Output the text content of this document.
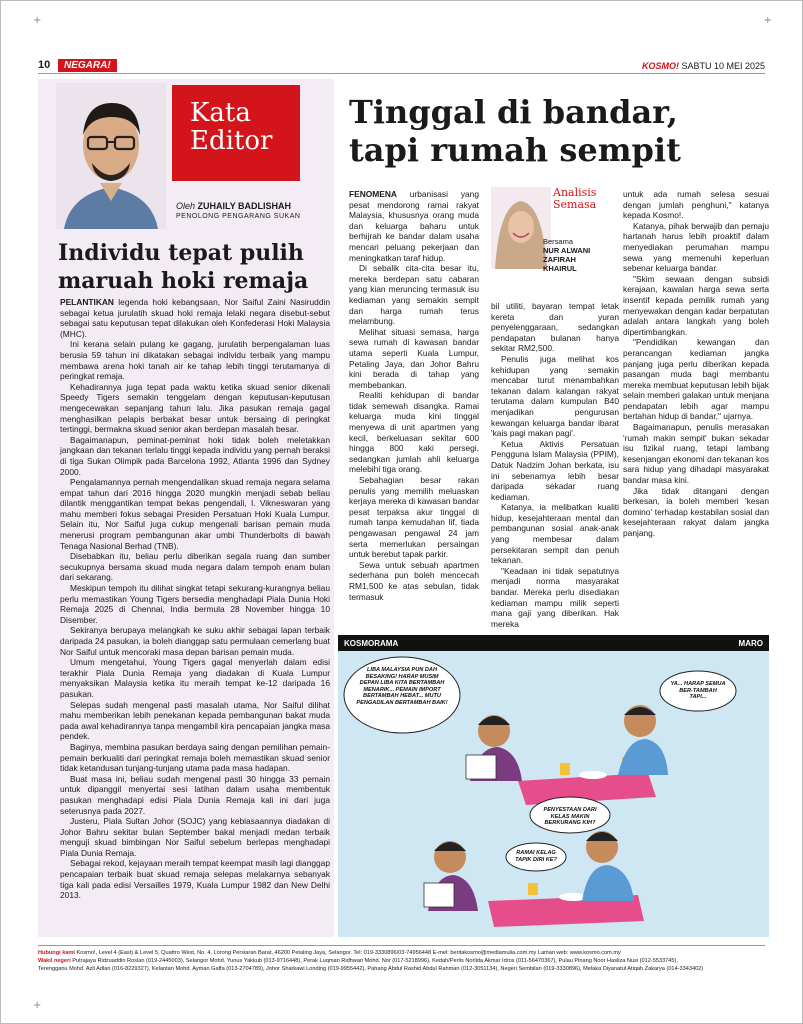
+	+
+
10	NEGARA!	KOSMO! SABTU 10 MEI 2025
Kata
Editor
Oleh ZUHAILY BADLISHAH
PENOLONG PENGARANG SUKAN
Individu tepat pulih maruah hoki remaja

PELANTIKAN legenda hoki kebangsaan, Nor Saiful Zaini Nasiruddin sebagai ketua jurulatih skuad hoki remaja lelaki negara disebut-sebut sebagai satu keputusan tepat dilakukan oleh Konfederasi Hoki Malaysia (MHC).

Ini kerana selain pulang ke gagang, jurulatih berpengalaman luas berusia 59 tahun ini dikatakan sebagai individu terbaik yang mampu membawa arena hoki tanah air ke tahap lebih tinggi terutamanya di peringkat remaja.

Kehadirannya juga tepat pada waktu ketika skuad senior dikenali Speedy Tigers semakin tenggelam dengan keputusan-keputusan mengecewakan sepanjang tahun lalu. Jika pasukan remaja gagal menghasilkan pelapis berbakat besar untuk bersaing di peringkat tertinggi, bermakna skuad senior akan berdepan masalah besar.

Bagaimanapun, peminat-peminat hoki tidak boleh meletakkan jangkaan dan tekanan terlalu tinggi kepada individu yang pernah beraksi di tiga Sukan Olimpik pada Barcelona 1992, Atlanta 1996 dan Sydney 2000.

Pengalamannya pernah mengendalikan skuad remaja negara selama empat tahun dari 2016 hingga 2020 mungkin menjadi sebab beliau dilantik menggantikan tempat bekas pengendali, I. Vikneswaran yang mahu memberi fokus sebagai Presiden Persatuan Hoki Kuala Lumpur. Selain itu, Nor Saiful juga cukup mengenali barisan pemain muda menerusi program pembangunan akar umbi Thunderbolts di bawah Tenaga Nasional Berhad (TNB).

Disebabkan itu, beliau perlu diberikan segala ruang dan sumber secukupnya bersama skuad muda negara dalam tempoh enam bulan dari sekarang.

Meskipun tempoh itu dilihat singkat tetapi sekurang-kurangnya beliau perlu memastikan Young Tigers bersedia menghadapi Piala Dunia Hoki Remaja 2025 di Chennai, India bermula 28 November hingga 10 Disember.

Sekiranya berupaya melangkah ke suku akhir sebagai lapan terbaik daripada 24 pasukan, ia boleh dianggap satu permulaan cemerlang buat Nor Saiful untuk mencoraki masa depan barisan pemain muda.

Umum mengetahui, Young Tigers gagal menyerlah dalam edisi terakhir Piala Dunia Remaja yang diadakan di Kuala Lumpur menyaksikan Malaysia ketika itu meraih tempat ke-12 daripada 16 pasukan.

Selepas sudah mengenal pasti masalah utama, Nor Saiful dilihat mahu memberikan lebih penekanan kepada pembangunan bakat muda pada awal kehadirannya tanpa mengambil kira pencapaian jangka masa pendek.

Baginya, membina pasukan berdaya saing dengan pemilihan pemain-pemain berkualiti dari peringkat remaja boleh memastikan skuad senior tidak ketandusan tunjang-tunjang utama pada masa hadapan.

Buat masa ini, beliau sudah mengenal pasti 30 hingga 33 pemain untuk dipanggil menyertai sesi latihan dalam usaha membentuk pasukan menghadapi edisi Piala Dunia Remaja kali ini dari juga seterusnya pada 2027.

Justeru, Piala Sultan Johor (SOJC) yang kebiasaannya diadakan di Johor Bahru sekitar bulan September bakal menjadi medan terbaik menguji skuad bimbingan Nor Saiful sebelum berlepas menghadapi Piala Dunia Remaja.

Sebagai rekod, kejayaan meraih tempat keempat masih lagi dianggap pencapaian terbaik buat skuad remaja selepas melakarnya sebanyak tiga kali pada edisi Versailles 1979, Kuala Lumpur 1982 dan New Delhi 2013.

Tinggal di bandar,
tapi rumah sempit

FENOMENA urbanisasi yang pesat mendorong ramai rakyat Malaysia, khususnya orang muda dan keluarga baharu untuk berhijrah ke bandar dalam usaha mencari peluang pekerjaan dan meningkatkan taraf hidup.

Di sebalik cita-cita besar itu, mereka berdepan satu cabaran yang kian meruncing termasuk isu kediaman yang semakin sempit dan harga rumah terus melambung.

Melihat situasi semasa, harga sewa rumah di kawasan bandar utama seperti Kuala Lumpur, Petaling Jaya, dan Johor Bahru kini berada di tahap yang membebankan.

Realiti kehidupan di bandar tidak semewah disangka. Ramai keluarga muda kini tinggal menyewa di unit apartmen yang kecil, berkeluasan sekitar 600 hingga 800 kaki persegi, sedangkan jumlah ahli keluarga melebihi tiga orang.

Sebahagian besar rakan penulis yang memilih meluaskan kerjaya mereka di kawasan bandar pesat terpaksa akur tinggal di rumah tanpa kemudahan lif, tiada pengawasan pengawal 24 jam serta memerlukan persaingan untuk berebut tapak parkir.

Sewa untuk sebuah apartmen sederhana pun boleh mencecah RM1,500 ke atas sebulan, tidak termasuk

Analisis
Semasa
Bersama
NUR ALWANI
ZAFIRAH
KHAIRUL

bil utiliti, bayaran tempat letak kereta dan yuran penyelenggaraan, sedangkan pendapatan bulanan hanya sekitar RM2,500.

Penulis juga melihat kos kehidupan yang semakin mencabar turut menambahkan tekanan dalam kalangan rakyat terutama dalam kumpulan B40 menjadikan pengurusan kewangan keluarga bandar ibarat 'kais pagi makan pagi'.

Ketua Aktivis Persatuan Pengguna Islam Malaysia (PPIM), Datuk Nadzim Johan berkata, isu ini sebenarnya lebih besar daripada sekadar ruang kediaman.

Katanya, ia melibatkan kualiti hidup, kesejahteraan mental dan pembangunan sosial anak-anak yang membesar dalam persekitaran sempit dan penuh tekanan.

"Keadaan ini tidak sepatutnya menjadi norma masyarakat bandar. Mereka perlu disediakan kediaman mampu milik seperti mana gaji yang diberikan. Hak mereka

untuk ada rumah selesa sesuai dengan jumlah penghuni," katanya kepada Kosmo!.

Katanya, pihak berwajib dan pemaju hartanah harus lebih proaktif dalam menyediakan perumahan mampu sewa yang memenuhi keperluan sebenar keluarga bandar.

"Skim sewaan dengan subsidi kerajaan, kawalan harga sewa serta insentif kepada pemilik rumah yang menyewakan dengan kadar berpatutan adalah antara langkah yang boleh dipertimbangkan.

"Pendidikan kewangan dan perancangan kediaman jangka panjang juga perlu diberikan kepada pasangan muda bagi membantu mereka membuat keputusan lebih bijak selain memberi galakan untuk menjana pendapatan lebih agar mampu bertahan hidup di bandar," ujarnya.

Bagaimanapun, penulis merasakan 'rumah makin sempit' bukan sekadar isu fizikal ruang, tetapi lambang kesenjangan ekonomi dan tekanan kos sara hidup yang dihadapi masyarakat bandar masa kini.

Jika tidak ditangani dengan berkesan, ia boleh memberi 'kesan domino' terhadap kestabilan sosial dan kesejahteraan rakyat dalam jangka panjang.

KOSMORAMA	MARO
LIBA MALAYSIA PUN DAH BESAKING! HARAP MUSIM DEPAN LIBA KITA BERTAMBAH MENARIK... PEMAIN IMPORT BERTAMBAH HEBAT... MUTU PENGADILAN BERTAMBAH BAIK!
YA... HARAP SEMUA BER-TAMBAH TAPI...
PENYESTAAN DARI KELAS MAKIN BERKURANG KIH?
RAMAI KELAG TAPIK DIRI KE?
Hubungi kami Kosmo!, Level 4 (East) & Level 5, Quattro West, No. 4, Lorong Persiaran Barat, 46200 Petaling Jaya, Selangor. Tel: 019-3330896/03-74956448 E-mel: beritakosmo@mediamulia.com.my Laman web: www.kosmo.com.my
Wakil negeri Putrajaya Ridzuaddin Roslan (019-2445003), Selangor Mohd. Yunus Yakkub (013-9716448), Perak Luqman Ridhwan Mohd. Nor (017-5218996), Kedah/Perlis Norlida Akmar Idros (011-56470367), Pulau Pinang Noor Hasliza Nusi (012-5533745),
Terengganu Mohd. Azli Adlan (016-8229327), Kelantan Mohd. Ayman Gaffa (013-2704789), Johor Sharkawi Londing (019-9955442), Pahang Abdul Rashid Abdul Rahman (012-3051134), Negeri Sembilan (019-3330896), Melaka Diyanatul Atiqah Zakarya (014-3343402)
